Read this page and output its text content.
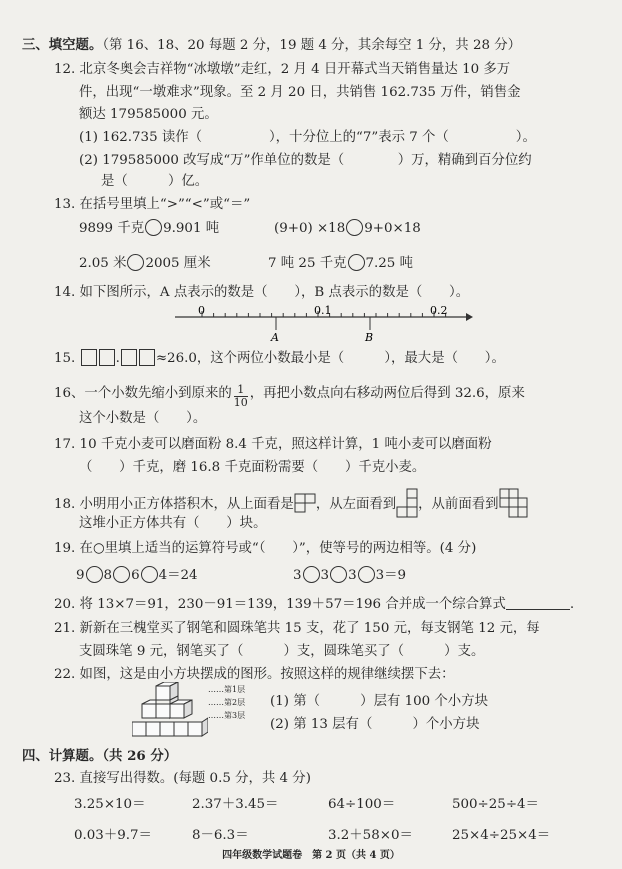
三、填空题。（第 16、18、20 每题 2 分，19 题 4 分，其余每空 1 分，共 28 分）
12. 北京冬奥会吉祥物“冰墩墩”走红，2 月 4 日开幕式当天销售量达 10 多万
件，出现“一墩难求”现象。至 2 月 20 日，共销售 162.735 万件，销售金
额达 179585000 元。
(1) 162.735 读作（　　　　　），十分位上的“7”表示 7 个（　　　　　）。
(2) 179585000 改写成“万”作单位的数是（　　　　）万，精确到百分位约
是（　　　）亿。
13. 在括号里填上“>”“<”或“＝”
9899 千克 9.901 吨	(9+0) ×18 9+0×18
2.05 米 2005 厘米	7 吨 25 千克 7.25 吨
14. 如下图所示，A 点表示的数是（　　），B 点表示的数是（　　）。
0	0.1	0.2
A	B
15.	.	≈26.0，这个两位小数最小是（　　　），最大是（　　）。
16、一个小数先缩小到原来的 $\frac{1}{10}$ ，再把小数点向右移动两位后得到 32.6，原来
这个小数是（　　）。
17. 10 千克小麦可以磨面粉 8.4 千克，照这样计算，1 吨小麦可以磨面粉
（　　）千克，磨 16.8 千克面粉需要（　　）千克小麦。
18. 小明用小正方体搭积木，从上面看是 ，从左面看到 ，从前面看到
这堆小正方体共有（　　）块。
19. 在○里填上适当的运算符号或“（　　）”，使等号的两边相等。(4 分)
9 8 6 4＝24	3 3 3 3＝9
20. 将 13×7＝91，230－91＝139，139＋57＝196 合并成一个综合算式	.
21. 新新在三槐堂买了钢笔和圆珠笔共 15 支，花了 150 元，每支钢笔 12 元，每
支圆珠笔 9 元，钢笔买了（　　　）支，圆珠笔买了（　　　）支。
22. 如图，这是由小方块摆成的图形。按照这样的规律继续摆下去：
……第1层
……第2层
……第3层
(1) 第（　　　）层有 100 个小方块
(2) 第 13 层有（　　　）个小方块
四、计算题。（共 26 分）
23. 直接写出得数。(每题 0.5 分，共 4 分)
3.25×10＝	2.37＋3.45＝	64÷100＝	500÷25÷4＝
0.03＋9.7＝	8－6.3＝	3.2＋58×0＝	25×4÷25×4＝
四年级数学试题卷　第 2 页（共 4 页）
